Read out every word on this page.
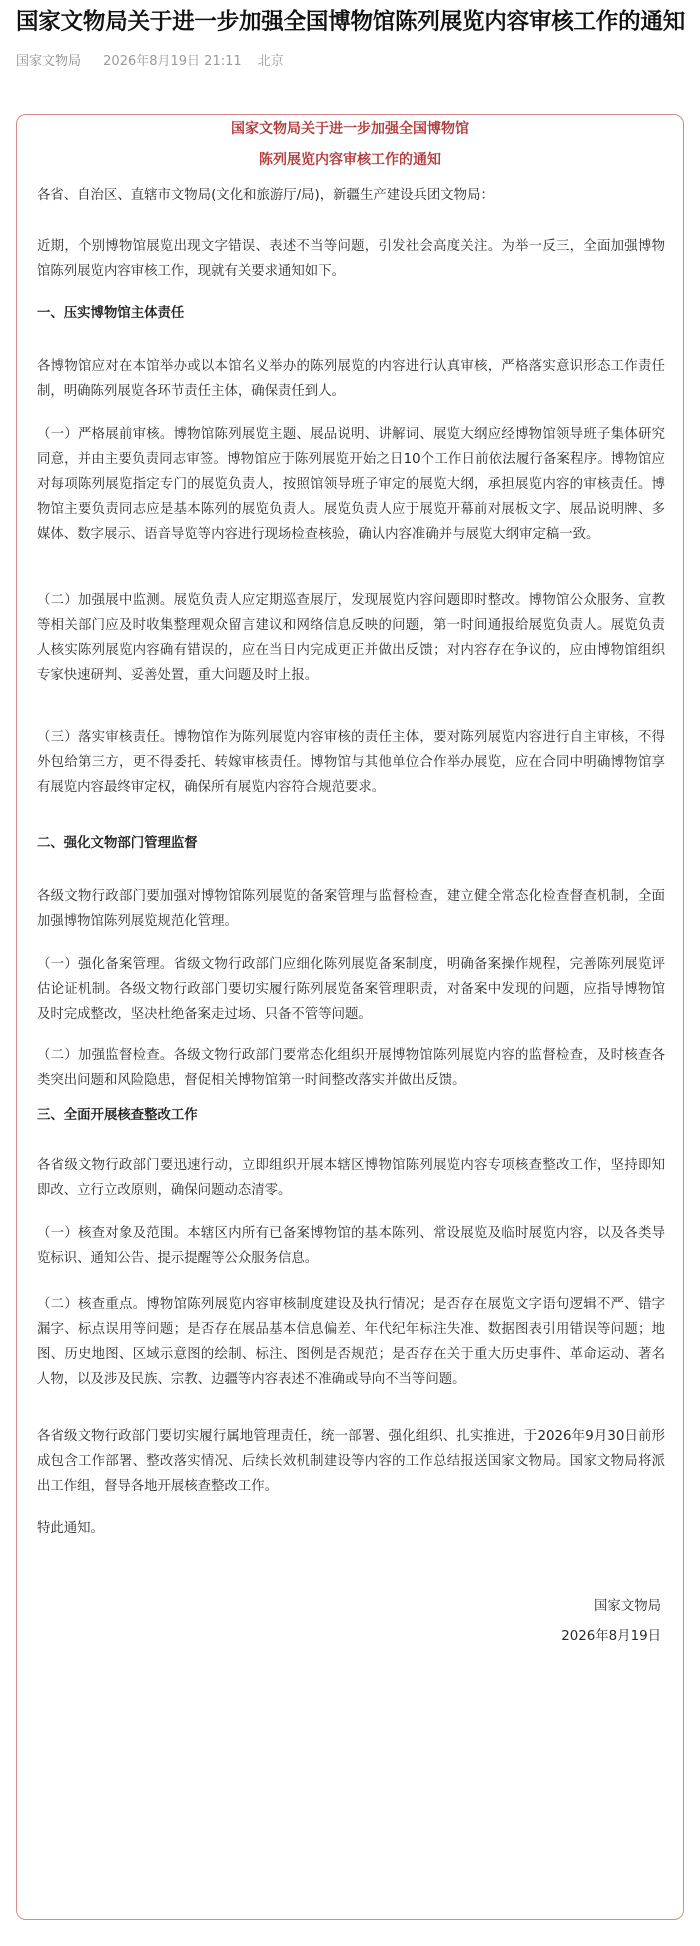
国家文物局关于进一步加强全国博物馆陈列展览内容审核工作的通知
国家文物局 2026年8月19日 21:11 北京
国家文物局关于进一步加强全国博物馆
陈列展览内容审核工作的通知

各省、自治区、直辖市文物局(文化和旅游厅/局)，新疆生产建设兵团文物局：

近期，个别博物馆展览出现文字错误、表述不当等问题，引发社会高度关注。为举一反三，全面加强博物馆陈列展览内容审核工作，现就有关要求通知如下。

一、压实博物馆主体责任

各博物馆应对在本馆举办或以本馆名义举办的陈列展览的内容进行认真审核，严格落实意识形态工作责任制，明确陈列展览各环节责任主体，确保责任到人。

（一）严格展前审核。博物馆陈列展览主题、展品说明、讲解词、展览大纲应经博物馆领导班子集体研究同意，并由主要负责同志审签。博物馆应于陈列展览开始之日10个工作日前依法履行备案程序。博物馆应对每项陈列展览指定专门的展览负责人，按照馆领导班子审定的展览大纲，承担展览内容的审核责任。博物馆主要负责同志应是基本陈列的展览负责人。展览负责人应于展览开幕前对展板文字、展品说明牌、多媒体、数字展示、语音导览等内容进行现场检查核验，确认内容准确并与展览大纲审定稿一致。

（二）加强展中监测。展览负责人应定期巡查展厅，发现展览内容问题即时整改。博物馆公众服务、宣教等相关部门应及时收集整理观众留言建议和网络信息反映的问题，第一时间通报给展览负责人。展览负责人核实陈列展览内容确有错误的，应在当日内完成更正并做出反馈；对内容存在争议的，应由博物馆组织专家快速研判、妥善处置，重大问题及时上报。

（三）落实审核责任。博物馆作为陈列展览内容审核的责任主体，要对陈列展览内容进行自主审核，不得外包给第三方，更不得委托、转嫁审核责任。博物馆与其他单位合作举办展览，应在合同中明确博物馆享有展览内容最终审定权，确保所有展览内容符合规范要求。

二、强化文物部门管理监督

各级文物行政部门要加强对博物馆陈列展览的备案管理与监督检查，建立健全常态化检查督查机制，全面加强博物馆陈列展览规范化管理。

（一）强化备案管理。省级文物行政部门应细化陈列展览备案制度，明确备案操作规程，完善陈列展览评估论证机制。各级文物行政部门要切实履行陈列展览备案管理职责，对备案中发现的问题，应指导博物馆及时完成整改，坚决杜绝备案走过场、只备不管等问题。

（二）加强监督检查。各级文物行政部门要常态化组织开展博物馆陈列展览内容的监督检查，及时核查各类突出问题和风险隐患，督促相关博物馆第一时间整改落实并做出反馈。

三、全面开展核查整改工作

各省级文物行政部门要迅速行动，立即组织开展本辖区博物馆陈列展览内容专项核查整改工作，坚持即知即改、立行立改原则，确保问题动态清零。

（一）核查对象及范围。本辖区内所有已备案博物馆的基本陈列、常设展览及临时展览内容，以及各类导览标识、通知公告、提示提醒等公众服务信息。

（二）核查重点。博物馆陈列展览内容审核制度建设及执行情况；是否存在展览文字语句逻辑不严、错字漏字、标点误用等问题；是否存在展品基本信息偏差、年代纪年标注失准、数据图表引用错误等问题；地图、历史地图、区域示意图的绘制、标注、图例是否规范；是否存在关于重大历史事件、革命运动、著名人物，以及涉及民族、宗教、边疆等内容表述不准确或导向不当等问题。

各省级文物行政部门要切实履行属地管理责任，统一部署、强化组织、扎实推进，于2026年9月30日前形成包含工作部署、整改落实情况、后续长效机制建设等内容的工作总结报送国家文物局。国家文物局将派出工作组，督导各地开展核查整改工作。

特此通知。

国家文物局
2026年8月19日
